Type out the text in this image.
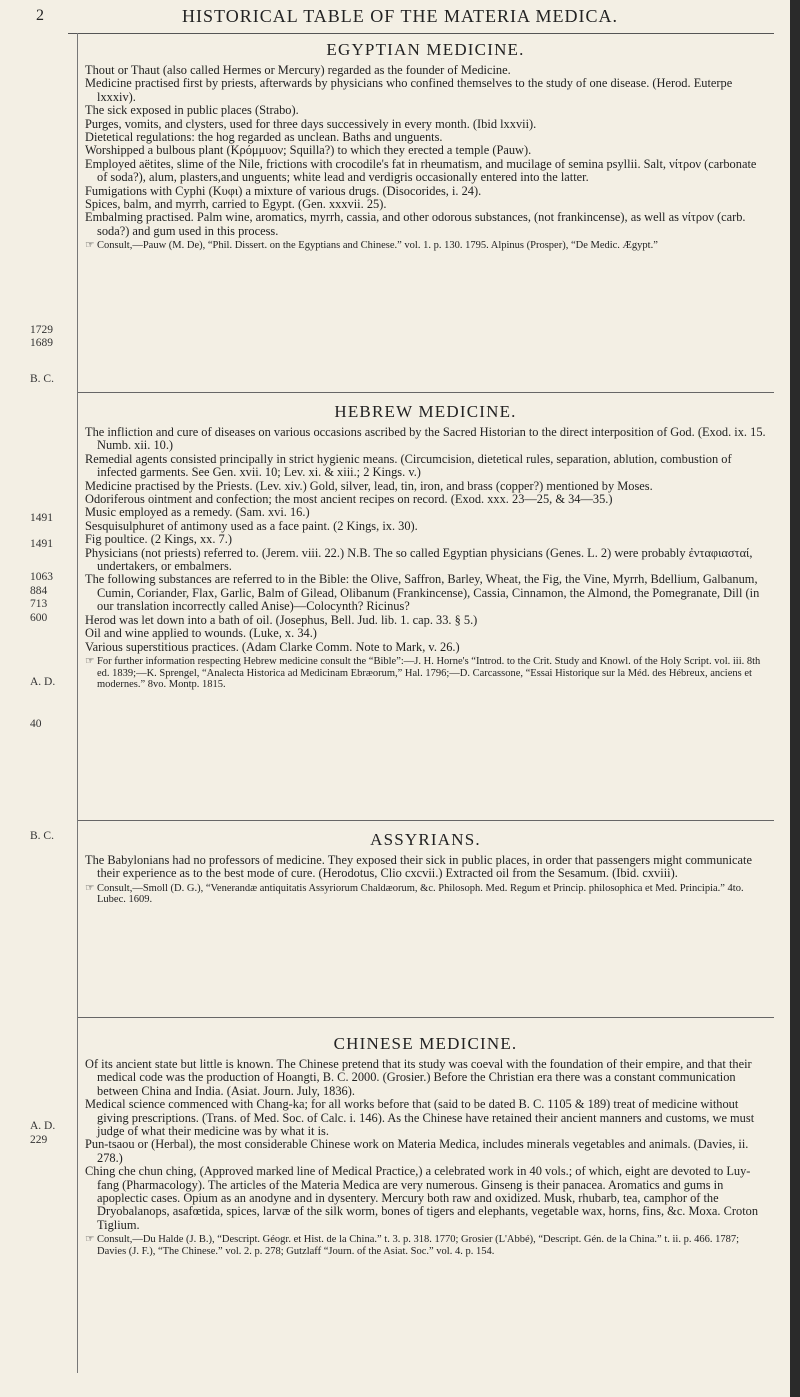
2	HISTORICAL TABLE OF THE MATERIA MEDICA.
1729
1689
B. C.
1491
1491
1063
884
713
600
A. D.
40
B. C.
A. D.
229
EGYPTIAN MEDICINE.

Thout or Thaut (also called Hermes or Mercury) regarded as the founder of Medicine.

Medicine practised first by priests, afterwards by physicians who confined themselves to the study of one disease. (Herod. Euterpe lxxxiv).

The sick exposed in public places (Strabo).

Purges, vomits, and clysters, used for three days successively in every month. (Ibid lxxvii).

Dietetical regulations: the hog regarded as unclean. Baths and unguents.

Worshipped a bulbous plant (Κρόμμυον; Squilla?) to which they erected a temple (Pauw).

Employed aëtites, slime of the Nile, frictions with crocodile's fat in rheumatism, and mucilage of semina psyllii. Salt, νίτρον (carbonate of soda?), alum, plasters,and unguents; white lead and verdigris occasionally entered into the latter.

Fumigations with Cyphi (Κυφι) a mixture of various drugs. (Disocorides, i. 24).

Spices, balm, and myrrh, carried to Egypt. (Gen. xxxvii. 25).

Embalming practised. Palm wine, aromatics, myrrh, cassia, and other odorous substances, (not frankincense), as well as νίτρον (carb. soda?) and gum used in this process.

☞ Consult,—Pauw (M. De), “Phil. Dissert. on the Egyptians and Chinese.” vol. 1. p. 130. 1795. Alpinus (Prosper), “De Medic. Ægypt.”

HEBREW MEDICINE.

The infliction and cure of diseases on various occasions ascribed by the Sacred Historian to the direct interposition of God. (Exod. ix. 15. Numb. xii. 10.)

Remedial agents consisted principally in strict hygienic means. (Circumcision, dietetical rules, separation, ablution, combustion of infected garments. See Gen. xvii. 10; Lev. xi. & xiii.; 2 Kings. v.)

Medicine practised by the Priests. (Lev. xiv.) Gold, silver, lead, tin, iron, and brass (copper?) mentioned by Moses.

Odoriferous ointment and confection; the most ancient recipes on record. (Exod. xxx. 23—25, & 34—35.)

Music employed as a remedy. (Sam. xvi. 16.)

Sesquisulphuret of antimony used as a face paint. (2 Kings, ix. 30).

Fig poultice. (2 Kings, xx. 7.)

Physicians (not priests) referred to. (Jerem. viii. 22.) N.B. The so called Egyptian physicians (Genes. L. 2) were probably ἐνταφιασταί, undertakers, or embalmers.

The following substances are referred to in the Bible: the Olive, Saffron, Barley, Wheat, the Fig, the Vine, Myrrh, Bdellium, Galbanum, Cumin, Coriander, Flax, Garlic, Balm of Gilead, Olibanum (Frankincense), Cassia, Cinnamon, the Almond, the Pomegranate, Dill (in our translation incorrectly called Anise)—Colocynth? Ricinus?

Herod was let down into a bath of oil. (Josephus, Bell. Jud. lib. 1. cap. 33. § 5.)

Oil and wine applied to wounds. (Luke, x. 34.)

Various superstitious practices. (Adam Clarke Comm. Note to Mark, v. 26.)

☞ For further information respecting Hebrew medicine consult the “Bible”:—J. H. Horne's “Introd. to the Crit. Study and Knowl. of the Holy Script. vol. iii. 8th ed. 1839;—K. Sprengel, “Analecta Historica ad Medicinam Ebræorum,” Hal. 1796;—D. Carcassone, “Essai Historique sur la Méd. des Hébreux, anciens et modernes.” 8vo. Montp. 1815.

ASSYRIANS.

The Babylonians had no professors of medicine. They exposed their sick in public places, in order that passengers might communicate their experience as to the best mode of cure. (Herodotus, Clio cxcvii.) Extracted oil from the Sesamum. (Ibid. cxviii).

☞ Consult,—Smoll (D. G.), “Venerandæ antiquitatis Assyriorum Chaldæorum, &c. Philosoph. Med. Regum et Princip. philosophica et Med. Principia.” 4to. Lubec. 1609.

CHINESE MEDICINE.

Of its ancient state but little is known. The Chinese pretend that its study was coeval with the foundation of their empire, and that their medical code was the production of Hoangti, B. C. 2000. (Grosier.) Before the Christian era there was a constant communication between China and India. (Asiat. Journ. July, 1836).

Medical science commenced with Chang-ka; for all works before that (said to be dated B. C. 1105 & 189) treat of medicine without giving prescriptions. (Trans. of Med. Soc. of Calc. i. 146). As the Chinese have retained their ancient manners and customs, we must judge of what their medicine was by what it is.

Pun-tsaou or (Herbal), the most considerable Chinese work on Materia Medica, includes minerals vegetables and animals. (Davies, ii. 278.)

Ching che chun ching, (Approved marked line of Medical Practice,) a celebrated work in 40 vols.; of which, eight are devoted to Luy-fang (Pharmacology). The articles of the Materia Medica are very numerous. Ginseng is their panacea. Aromatics and gums in apoplectic cases. Opium as an anodyne and in dysentery. Mercury both raw and oxidized. Musk, rhubarb, tea, camphor of the Dryobalanops, asafœtida, spices, larvæ of the silk worm, bones of tigers and elephants, vegetable wax, horns, fins, &c. Moxa. Croton Tiglium.

☞ Consult,—Du Halde (J. B.), “Descript. Géogr. et Hist. de la China.” t. 3. p. 318. 1770; Grosier (L'Abbé), “Descript. Gén. de la China.” t. ii. p. 466. 1787; Davies (J. F.), “The Chinese.” vol. 2. p. 278; Gutzlaff “Journ. of the Asiat. Soc.” vol. 4. p. 154.
